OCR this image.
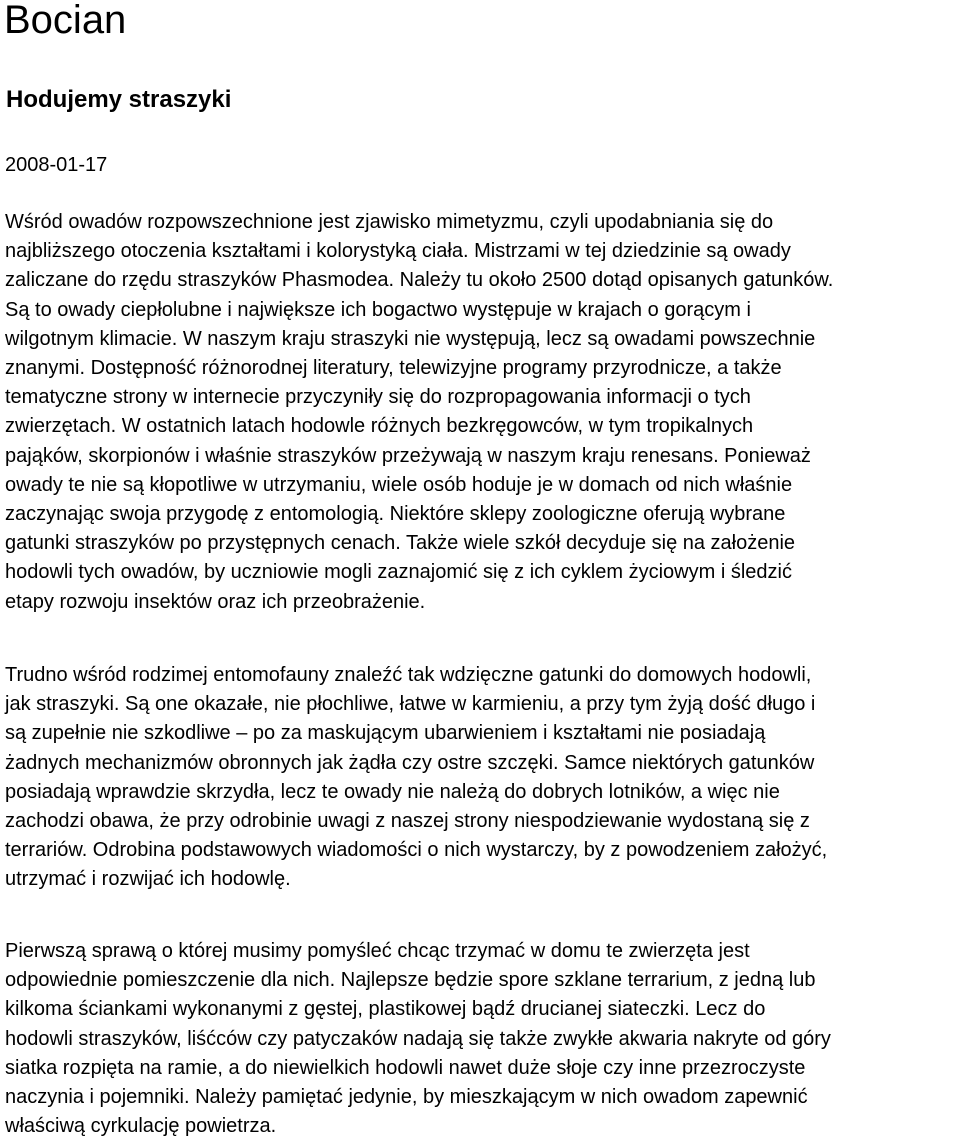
Bocian
Hodujemy straszyki
2008-01-17

Wśród owadów rozpowszechnione jest zjawisko mimetyzmu, czyli upodabniania się do
najbliższego otoczenia kształtami i kolorystyką ciała. Mistrzami w tej dziedzinie są owady
zaliczane do rzędu straszyków Phasmodea. Należy tu około 2500 dotąd opisanych gatunków.
Są to owady ciepłolubne i największe ich bogactwo występuje w krajach o gorącym i
wilgotnym klimacie. W naszym kraju straszyki nie występują, lecz są owadami powszechnie
znanymi. Dostępność różnorodnej literatury, telewizyjne programy przyrodnicze, a także
tematyczne strony w internecie przyczyniły się do rozpropagowania informacji o tych
zwierzętach. W ostatnich latach hodowle różnych bezkręgowców, w tym tropikalnych
pająków, skorpionów i właśnie straszyków przeżywają w naszym kraju renesans. Ponieważ
owady te nie są kłopotliwe w utrzymaniu, wiele osób hoduje je w domach od nich właśnie
zaczynając swoja przygodę z entomologią. Niektóre sklepy zoologiczne oferują wybrane
gatunki straszyków po przystępnych cenach. Także wiele szkół decyduje się na założenie
hodowli tych owadów, by uczniowie mogli zaznajomić się z ich cyklem życiowym i śledzić
etapy rozwoju insektów oraz ich przeobrażenie.

Trudno wśród rodzimej entomofauny znaleźć tak wdzięczne gatunki do domowych hodowli,
jak straszyki. Są one okazałe, nie płochliwe, łatwe w karmieniu, a przy tym żyją dość długo i
są zupełnie nie szkodliwe – po za maskującym ubarwieniem i kształtami nie posiadają
żadnych mechanizmów obronnych jak żądła czy ostre szczęki. Samce niektórych gatunków
posiadają wprawdzie skrzydła, lecz te owady nie należą do dobrych lotników, a więc nie
zachodzi obawa, że przy odrobinie uwagi z naszej strony niespodziewanie wydostaną się z
terrariów. Odrobina podstawowych wiadomości o nich wystarczy, by z powodzeniem założyć,
utrzymać i rozwijać ich hodowlę.

Pierwszą sprawą o której musimy pomyśleć chcąc trzymać w domu te zwierzęta jest
odpowiednie pomieszczenie dla nich. Najlepsze będzie spore szklane terrarium, z jedną lub
kilkoma ściankami wykonanymi z gęstej, plastikowej bądź drucianej siateczki. Lecz do
hodowli straszyków, liśćców czy patyczaków nadają się także zwykłe akwaria nakryte od góry
siatka rozpięta na ramie, a do niewielkich hodowli nawet duże słoje czy inne przezroczyste
naczynia i pojemniki. Należy pamiętać jedynie, by mieszkającym w nich owadom zapewnić
właściwą cyrkulację powietrza.
